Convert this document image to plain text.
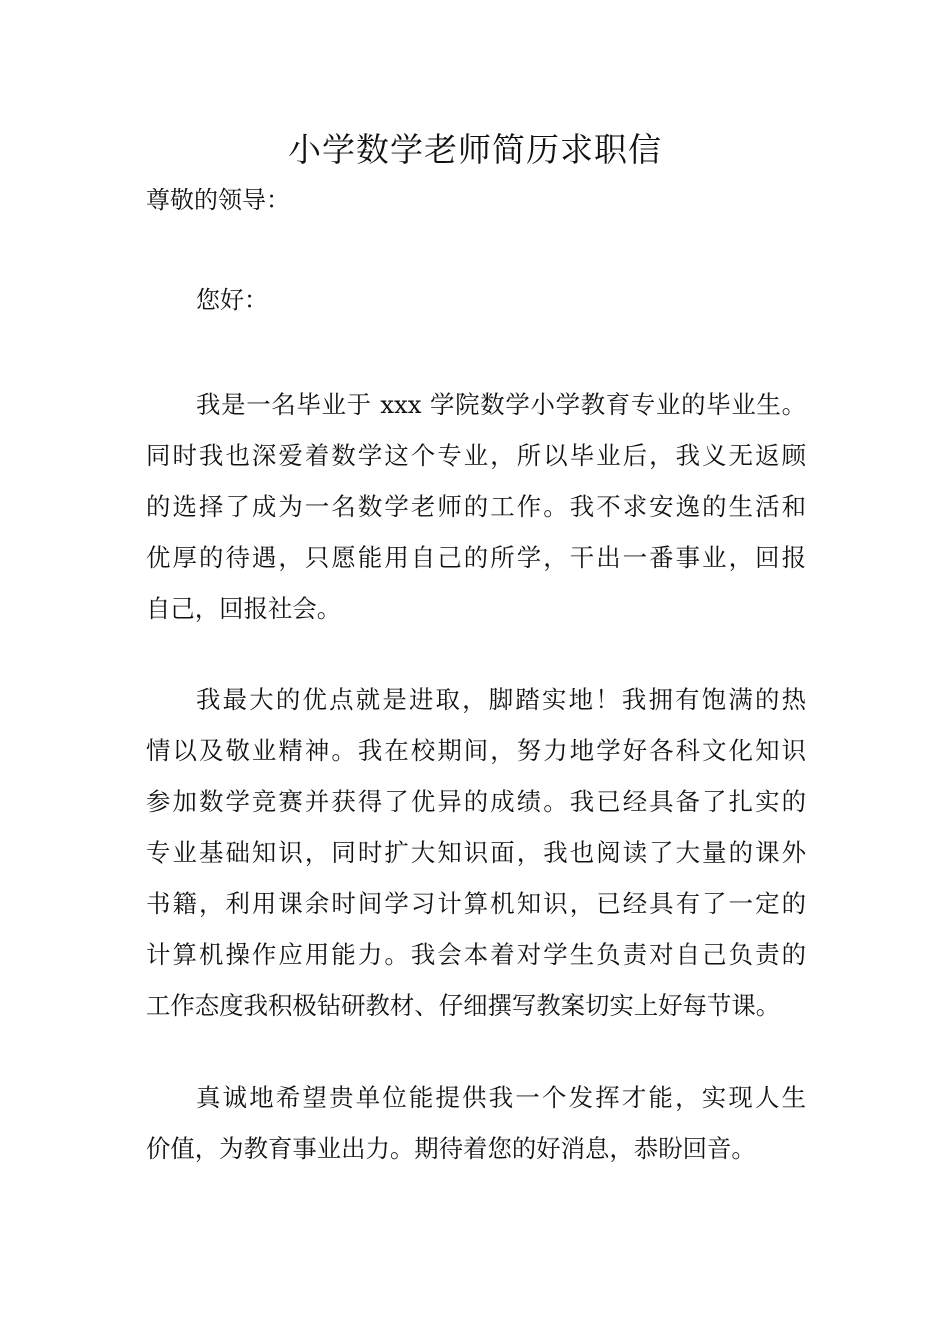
小学数学老师简历求职信
尊敬的领导：
您好：
我是一名毕业于 xxx 学院数学小学教育专业的毕业生。
同时我也深爱着数学这个专业，所以毕业后，我义无返顾
的选择了成为一名数学老师的工作。我不求安逸的生活和
优厚的待遇，只愿能用自己的所学，干出一番事业，回报
自己，回报社会。
我最大的优点就是进取，脚踏实地！我拥有饱满的热
情以及敬业精神。我在校期间，努力地学好各科文化知识
参加数学竞赛并获得了优异的成绩。我已经具备了扎实的
专业基础知识，同时扩大知识面，我也阅读了大量的课外
书籍，利用课余时间学习计算机知识，已经具有了一定的
计算机操作应用能力。我会本着对学生负责对自己负责的
工作态度我积极钻研教材、仔细撰写教案切实上好每节课。
真诚地希望贵单位能提供我一个发挥才能，实现人生
价值，为教育事业出力。期待着您的好消息，恭盼回音。
